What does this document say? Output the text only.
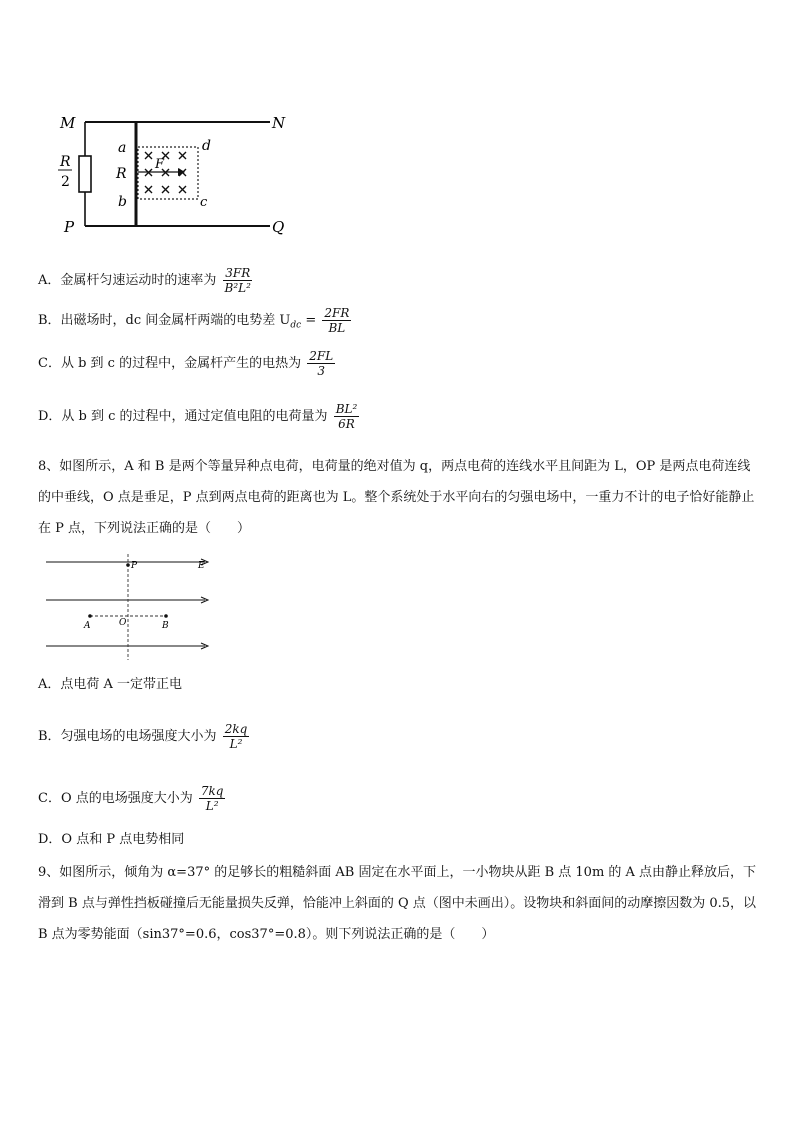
M	N
P	Q
R
2
a
R
b
d
c
F
A．金属杆匀速运动时的速率为 $\frac{3FR}{\text{B²L²}}$
B．出磁场时，dc 间金属杆两端的电势差 $U_{dc} = \frac{2FR}{BL}$
C．从 b 到 c 的过程中，金属杆产生的电热为 $\frac{2FL}{3}$
D．从 b 到 c 的过程中，通过定值电阻的电荷量为 $\frac{\text{BL²}}{6R}$
8、如图所示，A 和 B 是两个等量异种点电荷，电荷量的绝对值为 q，两点电荷的连线水平且间距为 L，OP 是两点电荷连线的中垂线，O 点是垂足，P 点到两点电荷的距离也为 L。整个系统处于水平向右的匀强电场中，一重力不计的电子恰好能静止在 P 点，下列说法正确的是（　　）
P	E
A	O	B
A．点电荷 A 一定带正电
B．匀强电场的电场强度大小为 $\frac{2kq}{\text{L²}}$
C．O 点的电场强度大小为 $\frac{7kq}{\text{L²}}$
D．O 点和 P 点电势相同
9、如图所示，倾角为 α=37° 的足够长的粗糙斜面 AB 固定在水平面上，一小物块从距 B 点 10m 的 A 点由静止释放后，下滑到 B 点与弹性挡板碰撞后无能量损失反弹，恰能冲上斜面的 Q 点（图中未画出）。设物块和斜面间的动摩擦因数为 0.5，以 B 点为零势能面（sin37°=0.6，cos37°=0.8）。则下列说法正确的是（　　）
